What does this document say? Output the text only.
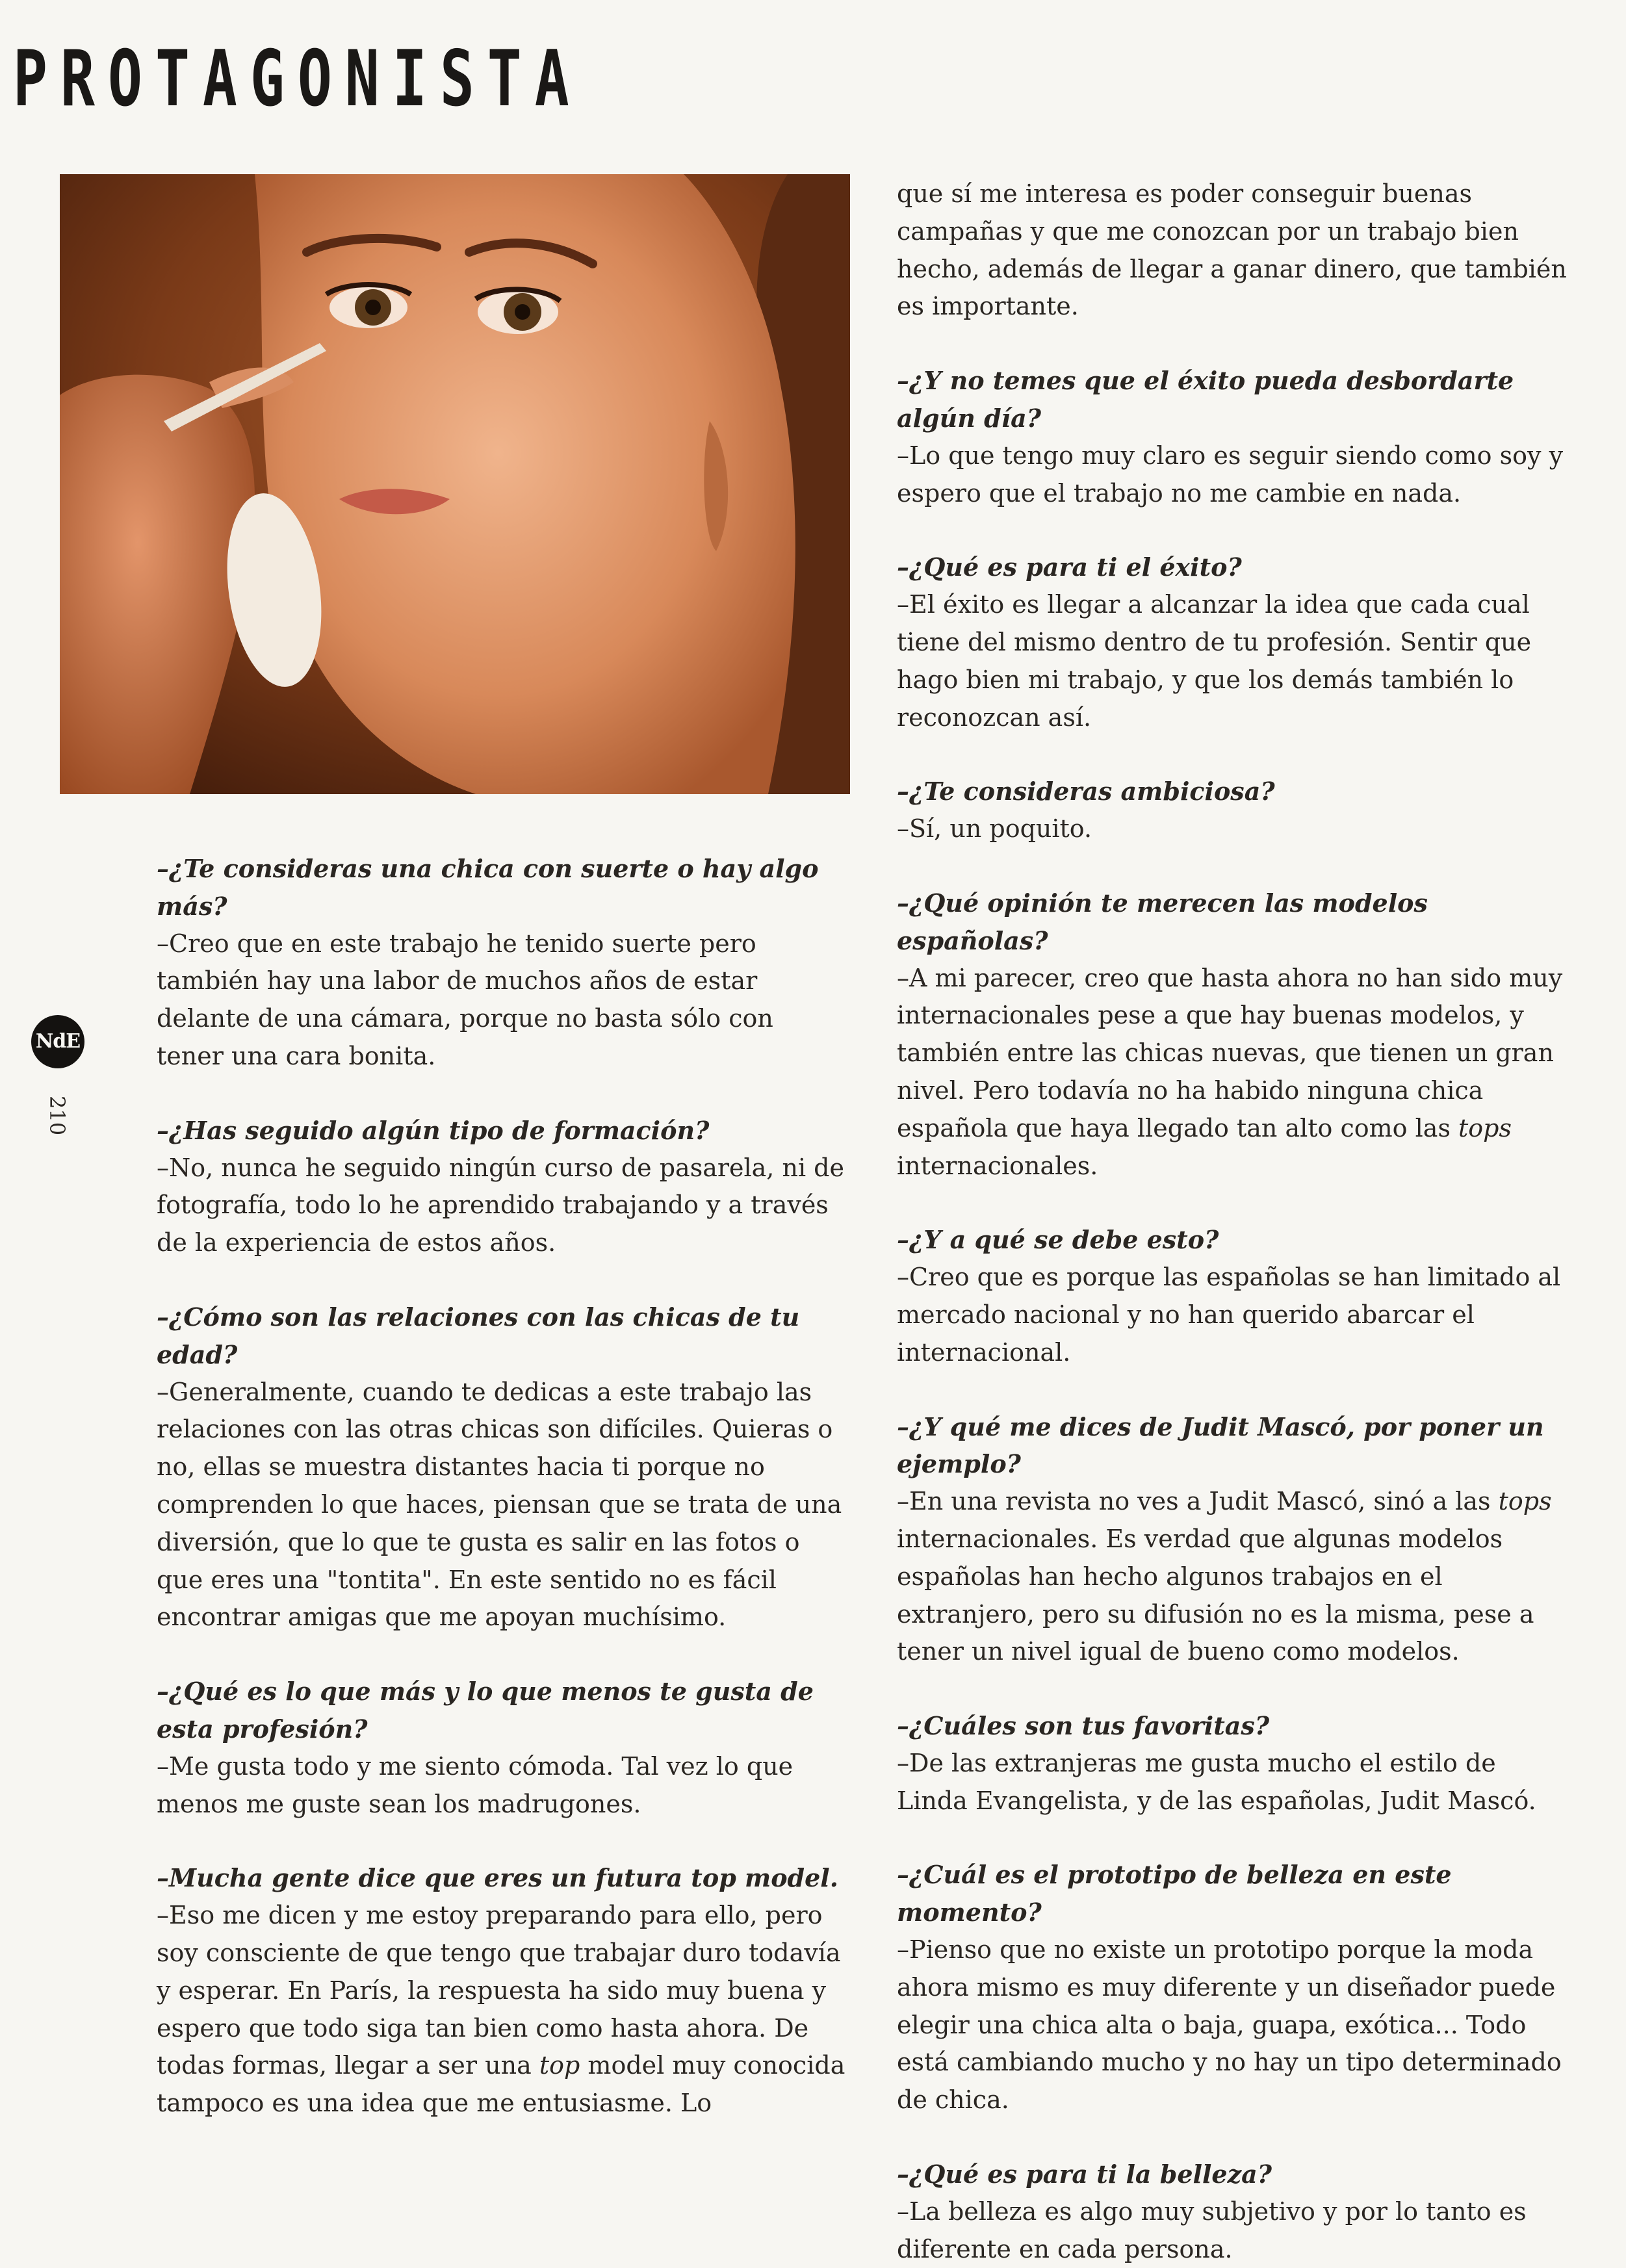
PROTAGONISTA
NdE
210

–¿Te consideras una chica con suerte o hay algo más?
–Creo que en este trabajo he tenido suerte pero también hay una labor de muchos años de estar delante de una cámara, porque no basta sólo con tener una cara bonita.

–¿Has seguido algún tipo de formación?
–No, nunca he seguido ningún curso de pasarela, ni de fotografía, todo lo he aprendido trabajando y a través de la experiencia de estos años.

–¿Cómo son las relaciones con las chicas de tu edad?
–Generalmente, cuando te dedicas a este trabajo las relaciones con las otras chicas son difíciles. Quieras o no, ellas se muestra distantes hacia ti porque no comprenden lo que haces, piensan que se trata de una diversión, que lo que te gusta es salir en las fotos o que eres una "tontita". En este sentido no es fácil encontrar amigas que me apoyan muchísimo.

–¿Qué es lo que más y lo que menos te gusta de esta profesión?
–Me gusta todo y me siento cómoda. Tal vez lo que menos me guste sean los madrugones.

–Mucha gente dice que eres un futura top model.
–Eso me dicen y me estoy preparando para ello, pero soy consciente de que tengo que trabajar duro todavía y esperar. En París, la respuesta ha sido muy buena y espero que todo siga tan bien como hasta ahora. De todas formas, llegar a ser una top model muy conocida tampoco es una idea que me entusiasme. Lo

que sí me interesa es poder conseguir buenas campañas y que me conozcan por un trabajo bien hecho, además de llegar a ganar dinero, que también es importante.

–¿Y no temes que el éxito pueda desbordarte algún día?
–Lo que tengo muy claro es seguir siendo como soy y espero que el trabajo no me cambie en nada.

–¿Qué es para ti el éxito?
–El éxito es llegar a alcanzar la idea que cada cual tiene del mismo dentro de tu profesión. Sentir que hago bien mi trabajo, y que los demás también lo reconozcan así.

–¿Te consideras ambiciosa?
–Sí, un poquito.

–¿Qué opinión te merecen las modelos españolas?
–A mi parecer, creo que hasta ahora no han sido muy internacionales pese a que hay buenas modelos, y también entre las chicas nuevas, que tienen un gran nivel. Pero todavía no ha habido ninguna chica española que haya llegado tan alto como las tops internacionales.

–¿Y a qué se debe esto?
–Creo que es porque las españolas se han limitado al mercado nacional y no han querido abarcar el internacional.

–¿Y qué me dices de Judit Mascó, por poner un ejemplo?
–En una revista no ves a Judit Mascó, sinó a las tops internacionales. Es verdad que algunas modelos españolas han hecho algunos trabajos en el extranjero, pero su difusión no es la misma, pese a tener un nivel igual de bueno como modelos.

–¿Cuáles son tus favoritas?
–De las extranjeras me gusta mucho el estilo de Linda Evangelista, y de las españolas, Judit Mascó.

–¿Cuál es el prototipo de belleza en este momento?
–Pienso que no existe un prototipo porque la moda ahora mismo es muy diferente y un diseñador puede elegir una chica alta o baja, guapa, exótica... Todo está cambiando mucho y no hay un tipo determinado de chica.

–¿Qué es para ti la belleza?
–La belleza es algo muy subjetivo y por lo tanto es diferente en cada persona.
